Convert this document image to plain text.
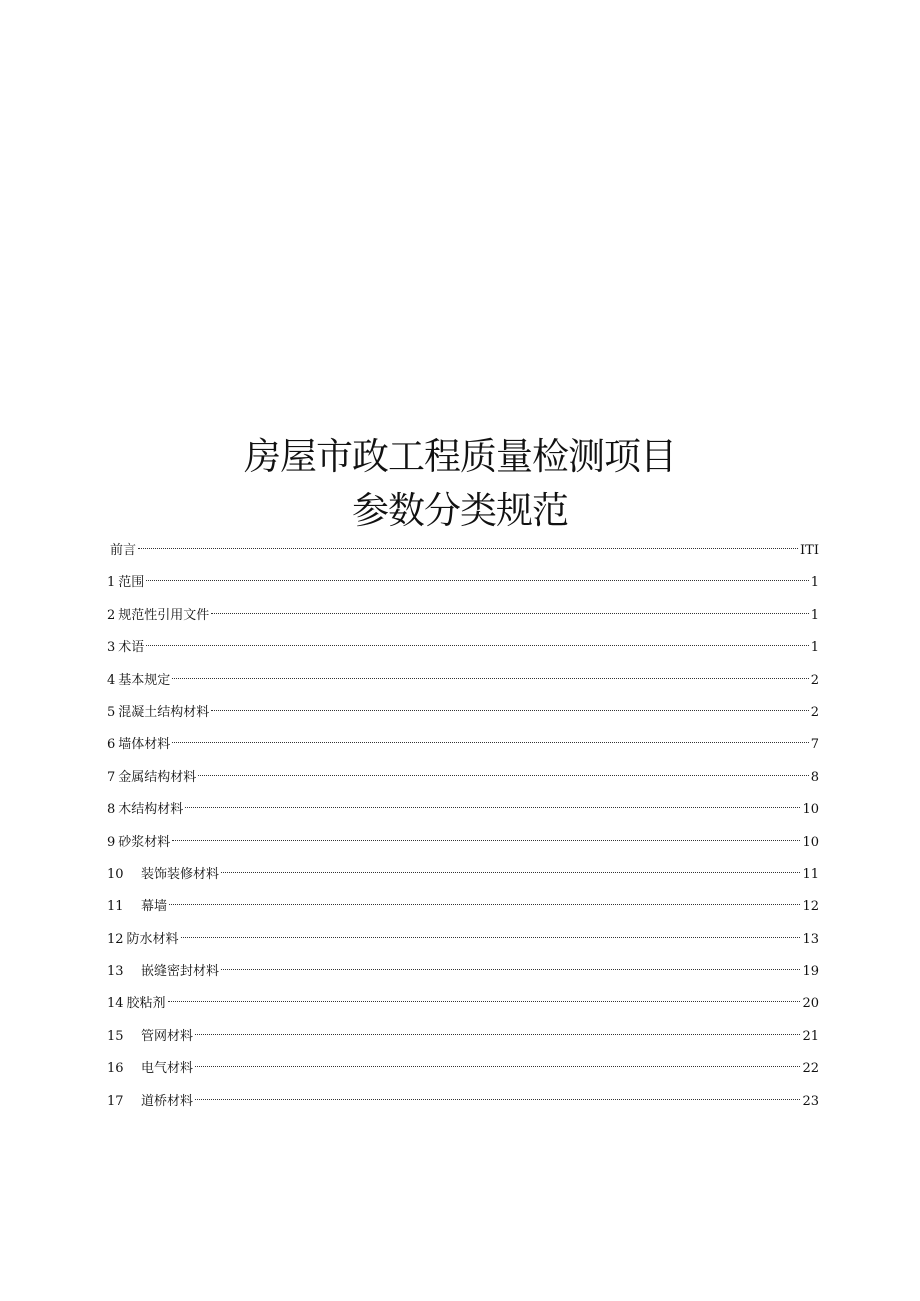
房屋市政工程质量检测项目
参数分类规范
前言	ITI
1 范围	1
2 规范性引用文件	1
3 术语	1
4 基本规定	2
5 混凝土结构材料	2
6 墙体材料	7
7 金属结构材料	8
8 木结构材料	10
9 砂浆材料	10
10	装饰装修材料	11
11	幕墙	12
12 防水材料	13
13	嵌缝密封材料	19
14 胶粘剂	20
15	管网材料	21
16	电气材料	22
17	道桥材料	23
